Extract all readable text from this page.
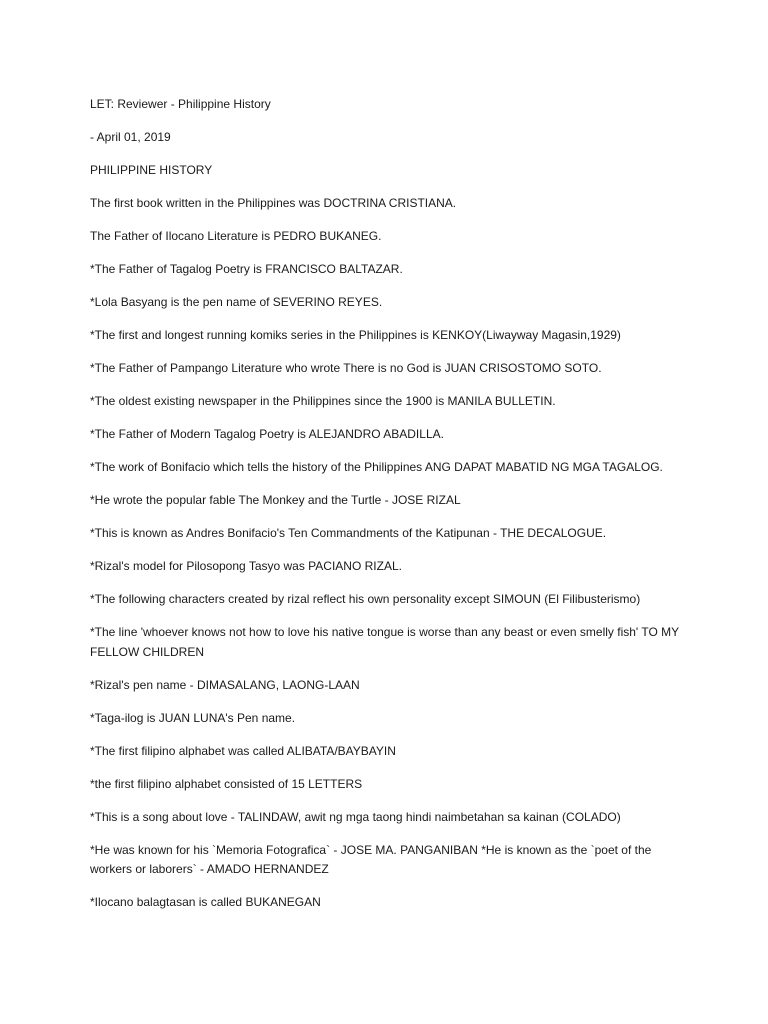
LET: Reviewer - Philippine History

- April 01, 2019

PHILIPPINE HISTORY

The first book written in the Philippines was DOCTRINA CRISTIANA.

The Father of Ilocano Literature is PEDRO BUKANEG.

*The Father of Tagalog Poetry is FRANCISCO BALTAZAR.

*Lola Basyang is the pen name of SEVERINO REYES.

*The first and longest running komiks series in the Philippines is KENKOY(Liwayway Magasin,1929)

*The Father of Pampango Literature who wrote There is no God is JUAN CRISOSTOMO SOTO.

*The oldest existing newspaper in the Philippines since the 1900 is MANILA BULLETIN.

*The Father of Modern Tagalog Poetry is ALEJANDRO ABADILLA.

*The work of Bonifacio which tells the history of the Philippines ANG DAPAT MABATID NG MGA TAGALOG.

*He wrote the popular fable The Monkey and the Turtle - JOSE RIZAL

*This is known as Andres Bonifacio's Ten Commandments of the Katipunan - THE DECALOGUE.

*Rizal's model for Pilosopong Tasyo was PACIANO RIZAL.

*The following characters created by rizal reflect his own personality except SIMOUN (El Filibusterismo)

*The line 'whoever knows not how to love his native tongue is worse than any beast or even smelly fish' TO MY FELLOW CHILDREN

*Rizal's pen name - DIMASALANG, LAONG-LAAN

*Taga-ilog is JUAN LUNA's Pen name.

*The first filipino alphabet was called ALIBATA/BAYBAYIN

*the first filipino alphabet consisted of 15 LETTERS

*This is a song about love - TALINDAW, awit ng mga taong hindi naimbetahan sa kainan (COLADO)

*He was known for his `Memoria Fotografica` - JOSE MA. PANGANIBAN *He is known as the `poet of the workers or laborers` - AMADO HERNANDEZ

*Ilocano balagtasan is called BUKANEGAN
